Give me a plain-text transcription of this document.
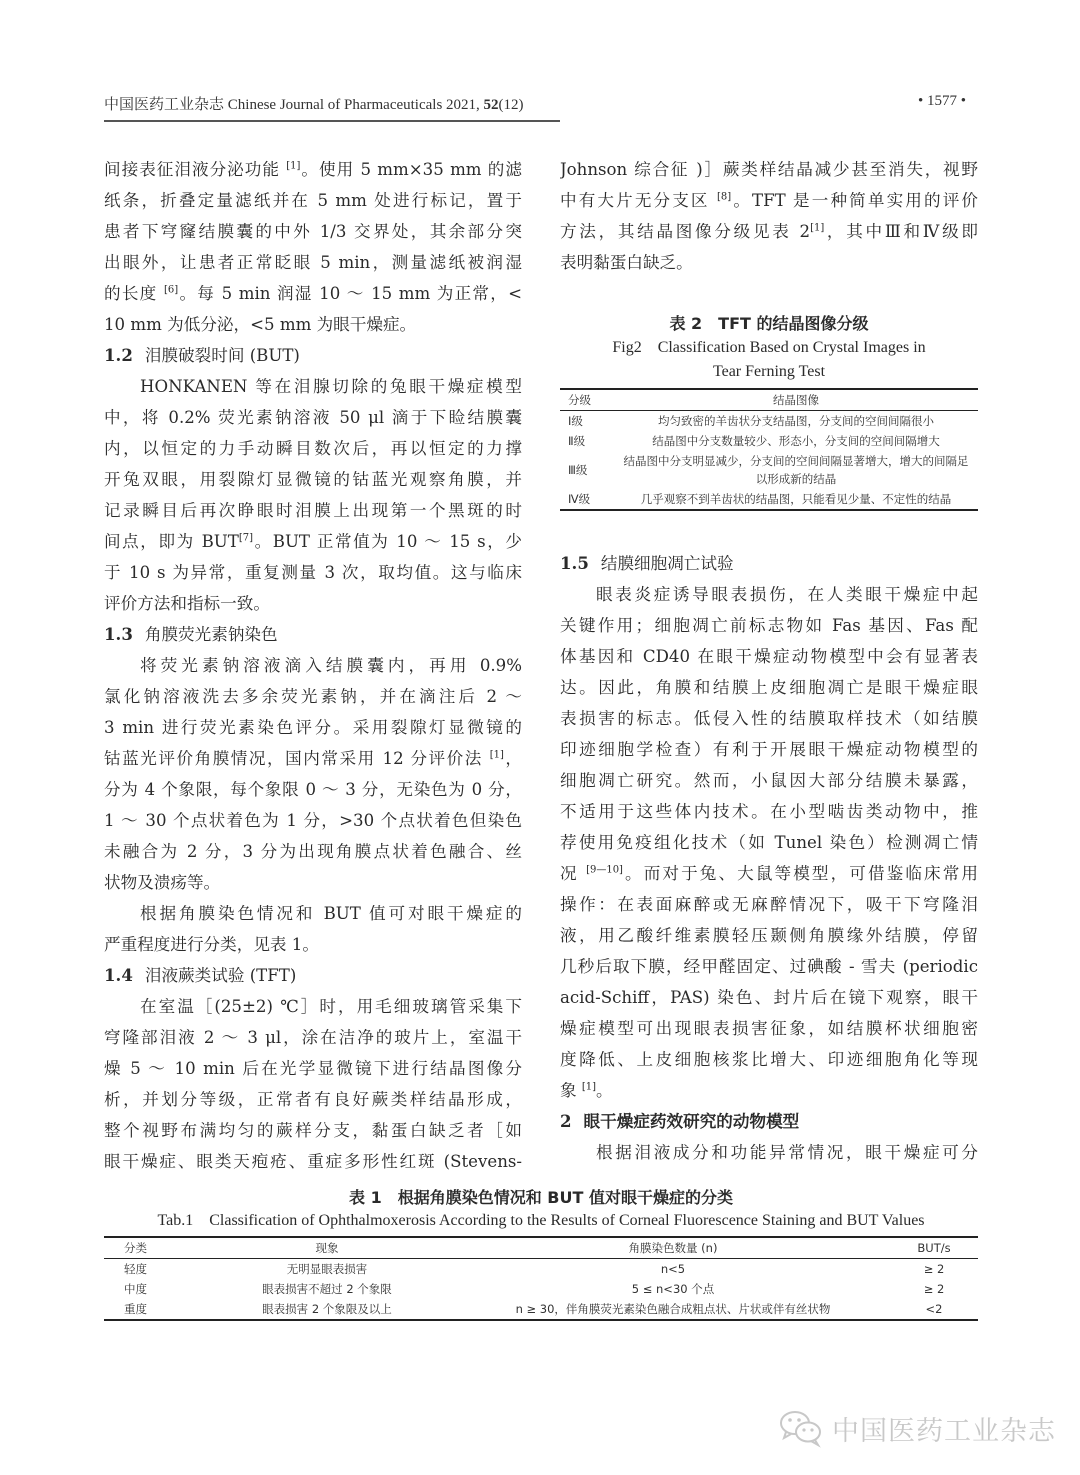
中国医药工业杂志 Chinese Journal of Pharmaceuticals 2021, 52(12)	• 1577 •
间接表征泪液分泌功能 [1]。使用 5 mm×35 mm 的滤
纸条，折叠定量滤纸并在 5 mm 处进行标记，置于
患者下穹窿结膜囊的中外 1/3 交界处，其余部分突
出眼外，让患者正常眨眼 5 min，测量滤纸被润湿
的长度 [6]。每 5 min 润湿 10 ～ 15 mm 为正常，<
10 mm 为低分泌，<5 mm 为眼干燥症。
1.2 泪膜破裂时间 (BUT)
HONKANEN 等在泪腺切除的兔眼干燥症模型
中，将 0.2% 荧光素钠溶液 50 μl 滴于下睑结膜囊
内，以恒定的力手动瞬目数次后，再以恒定的力撑
开兔双眼，用裂隙灯显微镜的钴蓝光观察角膜，并
记录瞬目后再次睁眼时泪膜上出现第一个黑斑的时
间点，即为 BUT[7]。BUT 正常值为 10 ～ 15 s，少
于 10 s 为异常，重复测量 3 次，取均值。这与临床
评价方法和指标一致。
1.3 角膜荧光素钠染色
将荧光素钠溶液滴入结膜囊内，再用 0.9%
氯化钠溶液洗去多余荧光素钠，并在滴注后 2 ～
3 min 进行荧光素染色评分。采用裂隙灯显微镜的
钴蓝光评价角膜情况，国内常采用 12 分评价法 [1]，
分为 4 个象限，每个象限 0 ～ 3 分，无染色为 0 分，
1 ～ 30 个点状着色为 1 分，>30 个点状着色但染色
未融合为 2 分，3 分为出现角膜点状着色融合、丝
状物及溃疡等。
根据角膜染色情况和 BUT 值可对眼干燥症的
严重程度进行分类，见表 1。
1.4 泪液蕨类试验 (TFT)
在室温［(25±2) ℃］时，用毛细玻璃管采集下
穹隆部泪液 2 ～ 3 μl，涂在洁净的玻片上，室温干
燥 5 ～ 10 min 后在光学显微镜下进行结晶图像分
析，并划分等级，正常者有良好蕨类样结晶形成，
整个视野布满均匀的蕨样分支，黏蛋白缺乏者［如
眼干燥症、眼类天疱疮、重症多形性红斑 (Stevens-
Johnson 综合征 )］蕨类样结晶减少甚至消失，视野
中有大片无分支区 [8]。TFT 是一种简单实用的评价
方法，其结晶图像分级见表 2[1]，其中Ⅲ和Ⅳ级即
表明黏蛋白缺乏。
表 2　TFT 的结晶图像分级
Fig2　Classification Based on Crystal Images in
Tear Ferning Test
分级	结晶图像
Ⅰ级	均匀致密的羊齿状分支结晶图，分支间的空间间隔很小
Ⅱ级	结晶图中分支数量较少、形态小，分支间的空间间隔增大
Ⅲ级	结晶图中分支明显减少，分支间的空间间隔显著增大，增大的间隔足以形成新的结晶
Ⅳ级	几乎观察不到羊齿状的结晶图，只能看见少量、不定性的结晶
1.5 结膜细胞凋亡试验
眼表炎症诱导眼表损伤，在人类眼干燥症中起
关键作用；细胞凋亡前标志物如 Fas 基因、Fas 配
体基因和 CD40 在眼干燥症动物模型中会有显著表
达。因此，角膜和结膜上皮细胞凋亡是眼干燥症眼
表损害的标志。低侵入性的结膜取样技术（如结膜
印迹细胞学检查）有利于开展眼干燥症动物模型的
细胞凋亡研究。然而，小鼠因大部分结膜未暴露，
不适用于这些体内技术。在小型啮齿类动物中，推
荐使用免疫组化技术（如 Tunel 染色）检测凋亡情
况 [9—10]。而对于兔、大鼠等模型，可借鉴临床常用
操作：在表面麻醉或无麻醉情况下，吸干下穹隆泪
液，用乙酸纤维素膜轻压颞侧角膜缘外结膜，停留
几秒后取下膜，经甲醛固定、过碘酸 - 雪夫 (periodic
acid-Schiff，PAS) 染色、封片后在镜下观察，眼干
燥症模型可出现眼表损害征象，如结膜杯状细胞密
度降低、上皮细胞核浆比增大、印迹细胞角化等现
象 [1]。
2 眼干燥症药效研究的动物模型
根据泪液成分和功能异常情况，眼干燥症可分
表 1　根据角膜染色情况和 BUT 值对眼干燥症的分类
Tab.1　Classification of Ophthalmoxerosis According to the Results of Corneal Fluorescence Staining and BUT Values
分类	现象	角膜染色数量 (n)	BUT/s
轻度	无明显眼表损害	n<5	≥ 2
中度	眼表损害不超过 2 个象限	5 ≤ n<30 个点	≥ 2
重度	眼表损害 2 个象限及以上	n ≥ 30，伴角膜荧光素染色融合成粗点状、片状或伴有丝状物	<2
中国医药工业杂志
